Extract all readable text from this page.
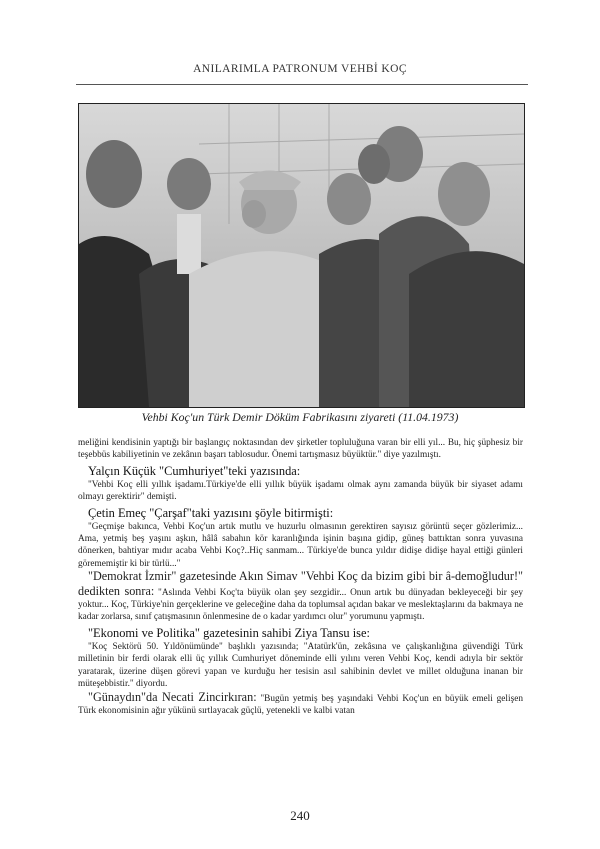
ANILARIMLA PATRONUM VEHBİ KOÇ
Vehbi Koç'un Türk Demir Döküm Fabrikasını ziyareti (11.04.1973)

meliğini kendisinin yaptığı bir başlangıç noktasından dev şirketler topluluğuna varan bir elli yıl... Bu, hiç şüphesiz bir teşebbüs kabiliyetinin ve zekânın başarı tablosudur. Önemi tartışmasız büyüktür." diye yazılmıştı.

Yalçın Küçük "Cumhuriyet"teki yazısında:

"Vehbi Koç elli yıllık işadamı.Türkiye'de elli yıllık büyük işadamı olmak aynı zamanda büyük bir siyaset adamı olmayı gerektirir" demişti.

Çetin Emeç "Çarşaf"taki yazısını şöyle bitirmişti:

"Geçmişe bakınca, Vehbi Koç'un artık mutlu ve huzurlu olmasının gerektiren sayısız görüntü seçer gözlerimiz... Ama, yetmiş beş yaşını aşkın, hâlâ sabahın kör karanlığında işinin başına gidip, güneş battıktan sonra yuvasına dönerken, bahtiyar mıdır acaba Vehbi Koç?..Hiç sanmam... Türkiye'de bunca yıldır didişe didişe hayal ettiği günleri görememiştir ki bir türlü..."

"Demokrat İzmir" gazetesinde Akın Simav "Vehbi Koç da bizim gibi bir â-demoğludur!" dedikten sonra: "Aslında Vehbi Koç'ta büyük olan şey sezgidir... Onun artık bu dünyadan bekleyeceği bir şey yoktur... Koç, Türkiye'nin gerçeklerine ve geleceğine daha da toplumsal açıdan bakar ve meslektaşlarını da bakmaya ne kadar zorlarsa, sınıf çatışmasının önlenmesine de o kadar yardımcı olur" yorumunu yapmıştı.

"Ekonomi ve Politika" gazetesinin sahibi Ziya Tansu ise:

"Koç Sektörü 50. Yıldönümünde" başlıklı yazısında; "Atatürk'ün, zekâsına ve çalışkanlığına güvendiği Türk milletinin bir ferdi olarak elli üç yıllık Cumhuriyet döneminde elli yılını veren Vehbi Koç, kendi adıyla bir sektör yaratarak, üzerine düşen görevi yapan ve kurduğu her tesisin asıl sahibinin devlet ve millet olduğuna inanan bir müteşebbistir." diyordu.

"Günaydın"da Necati Zincirkıran: "Bugün yetmiş beş yaşındaki Vehbi Koç'un en büyük emeli gelişen Türk ekonomisinin ağır yükünü sırtlayacak güçlü, yetenekli ve kalbi vatan

240
